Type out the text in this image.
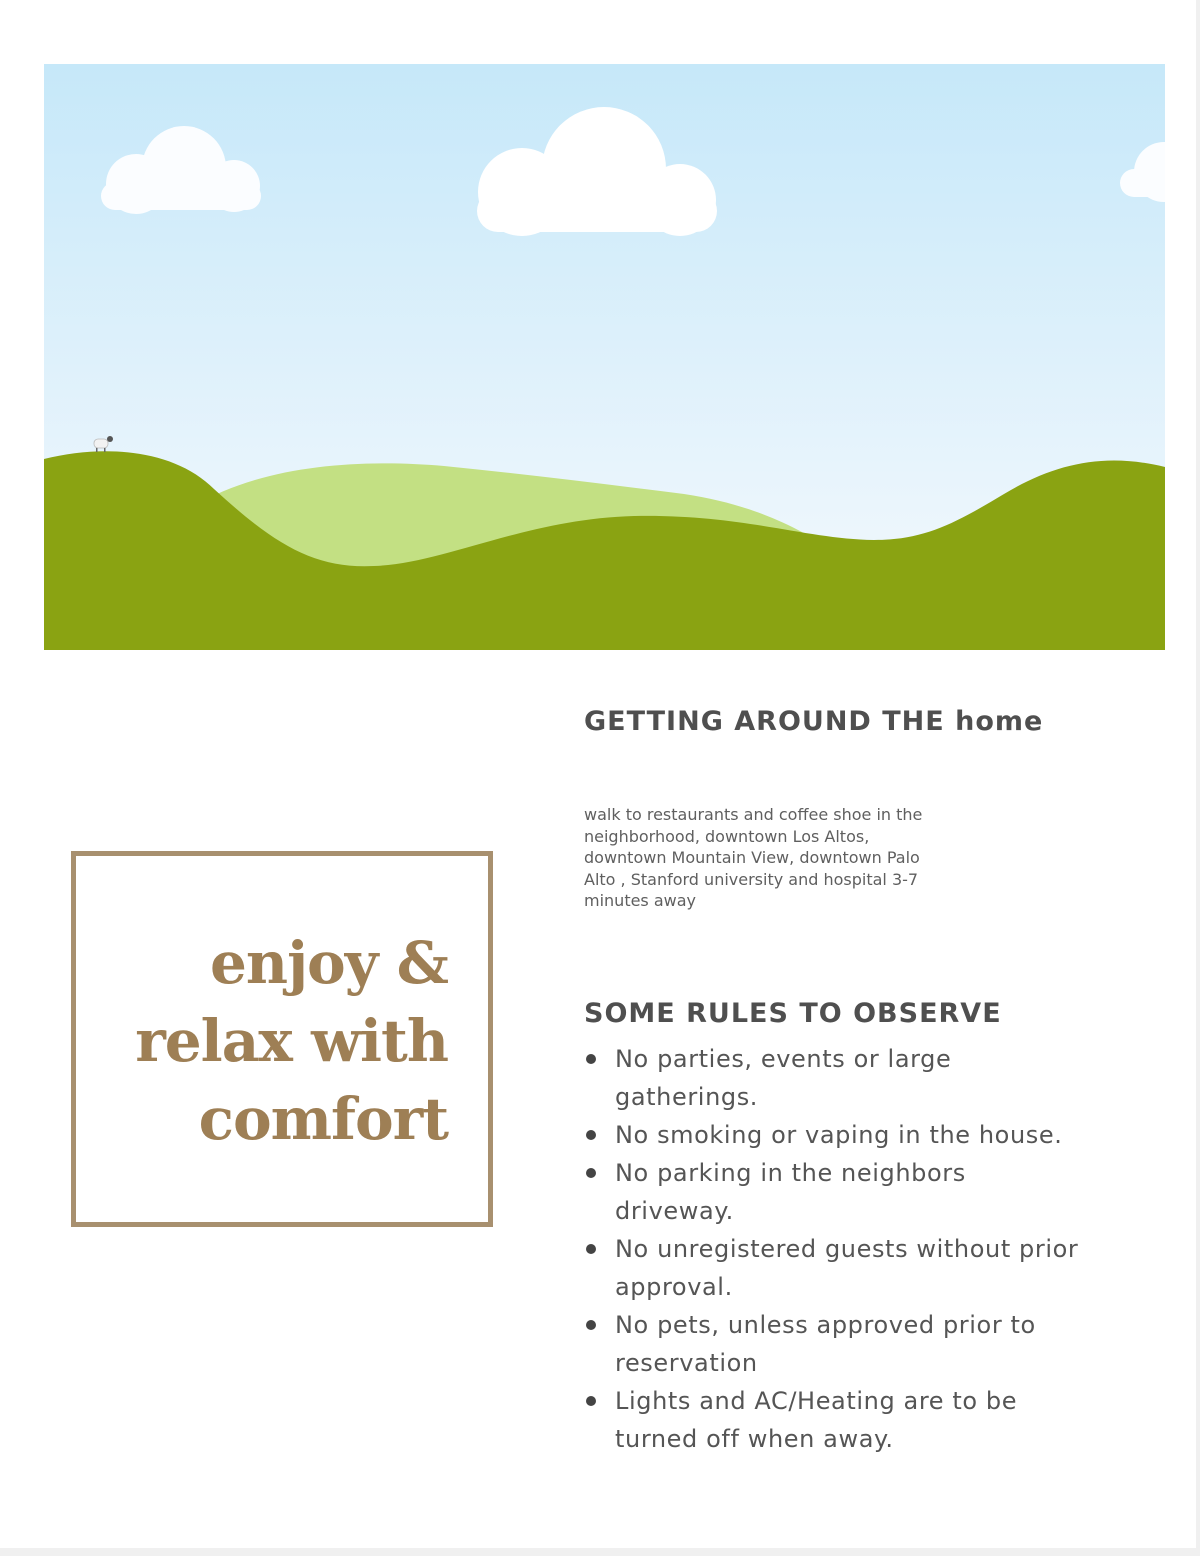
enjoy &
relax with
comfort

GETTING AROUND THE home

walk to restaurants and coffee shoe in the neighborhood, downtown Los Altos, downtown Mountain View, downtown Palo Alto , Stanford university and hospital 3-7 minutes away

SOME RULES TO OBSERVE
No parties, events or large gatherings.
No smoking or vaping in the house.
No parking in the neighbors driveway.
No unregistered guests without prior approval.
No pets, unless approved prior to reservation
Lights and AC/Heating are to be turned off when away.
